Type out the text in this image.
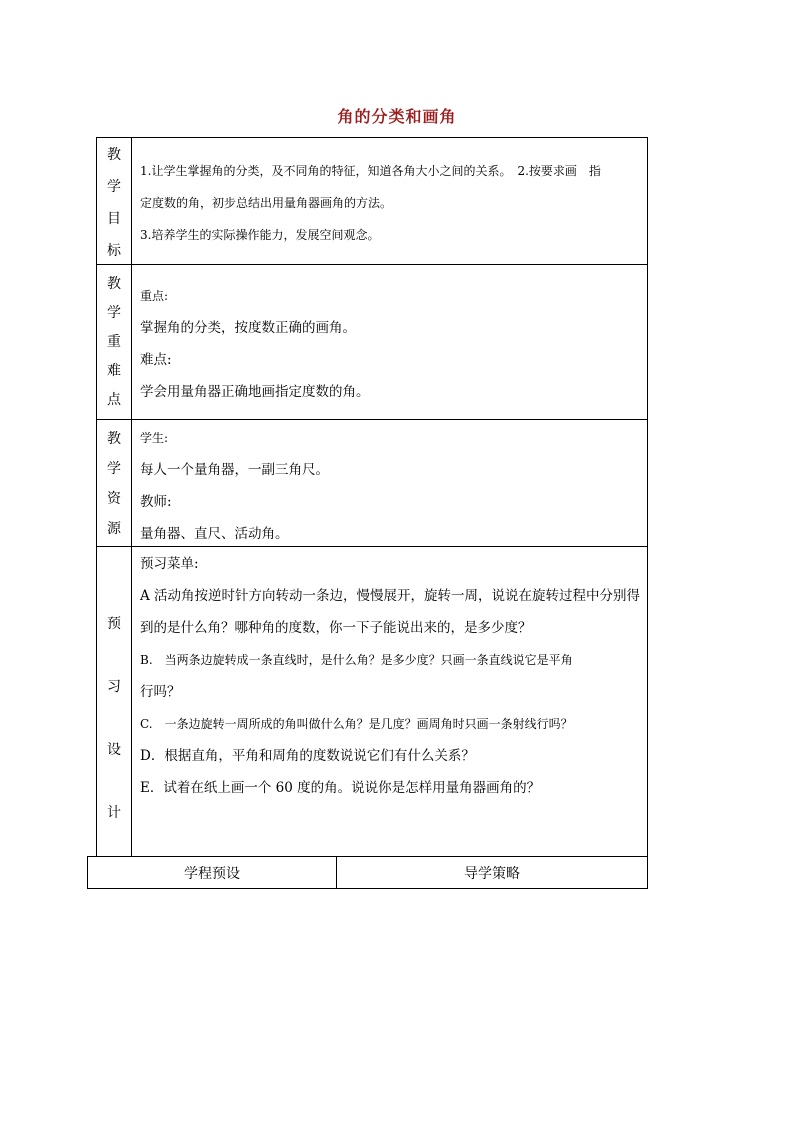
角的分类和画角
教
学
目
标
1.让学生掌握角的分类，及不同角的特征，知道各角大小之间的关系。　2.按要求画　指
定度数的角，初步总结出用量角器画角的方法。
3.培养学生的实际操作能力，发展空间观念。
教
学
重
难
点
重点:
掌握角的分类，按度数正确的画角。
难点:
学会用量角器正确地画指定度数的角。
教
学
资
源
学生:
每人一个量角器，一副三角尺。
教师:
量角器、直尺、活动角。
预
习
设
计
预习菜单:
A 活动角按逆时针方向转动一条边，慢慢展开，旋转一周，说说在旋转过程中分别得
到的是什么角？哪种角的度数，你一下子能说出来的，是多少度？
B.　当两条边旋转成一条直线时，是什么角？是多少度？只画一条直线说它是平角
行吗？
C.　一条边旋转一周所成的角叫做什么角？是几度？画周角时只画一条射线行吗？
D．根据直角，平角和周角的度数说说它们有什么关系？
E．试着在纸上画一个 60 度的角。说说你是怎样用量角器画角的？
学程预设	导学策略
